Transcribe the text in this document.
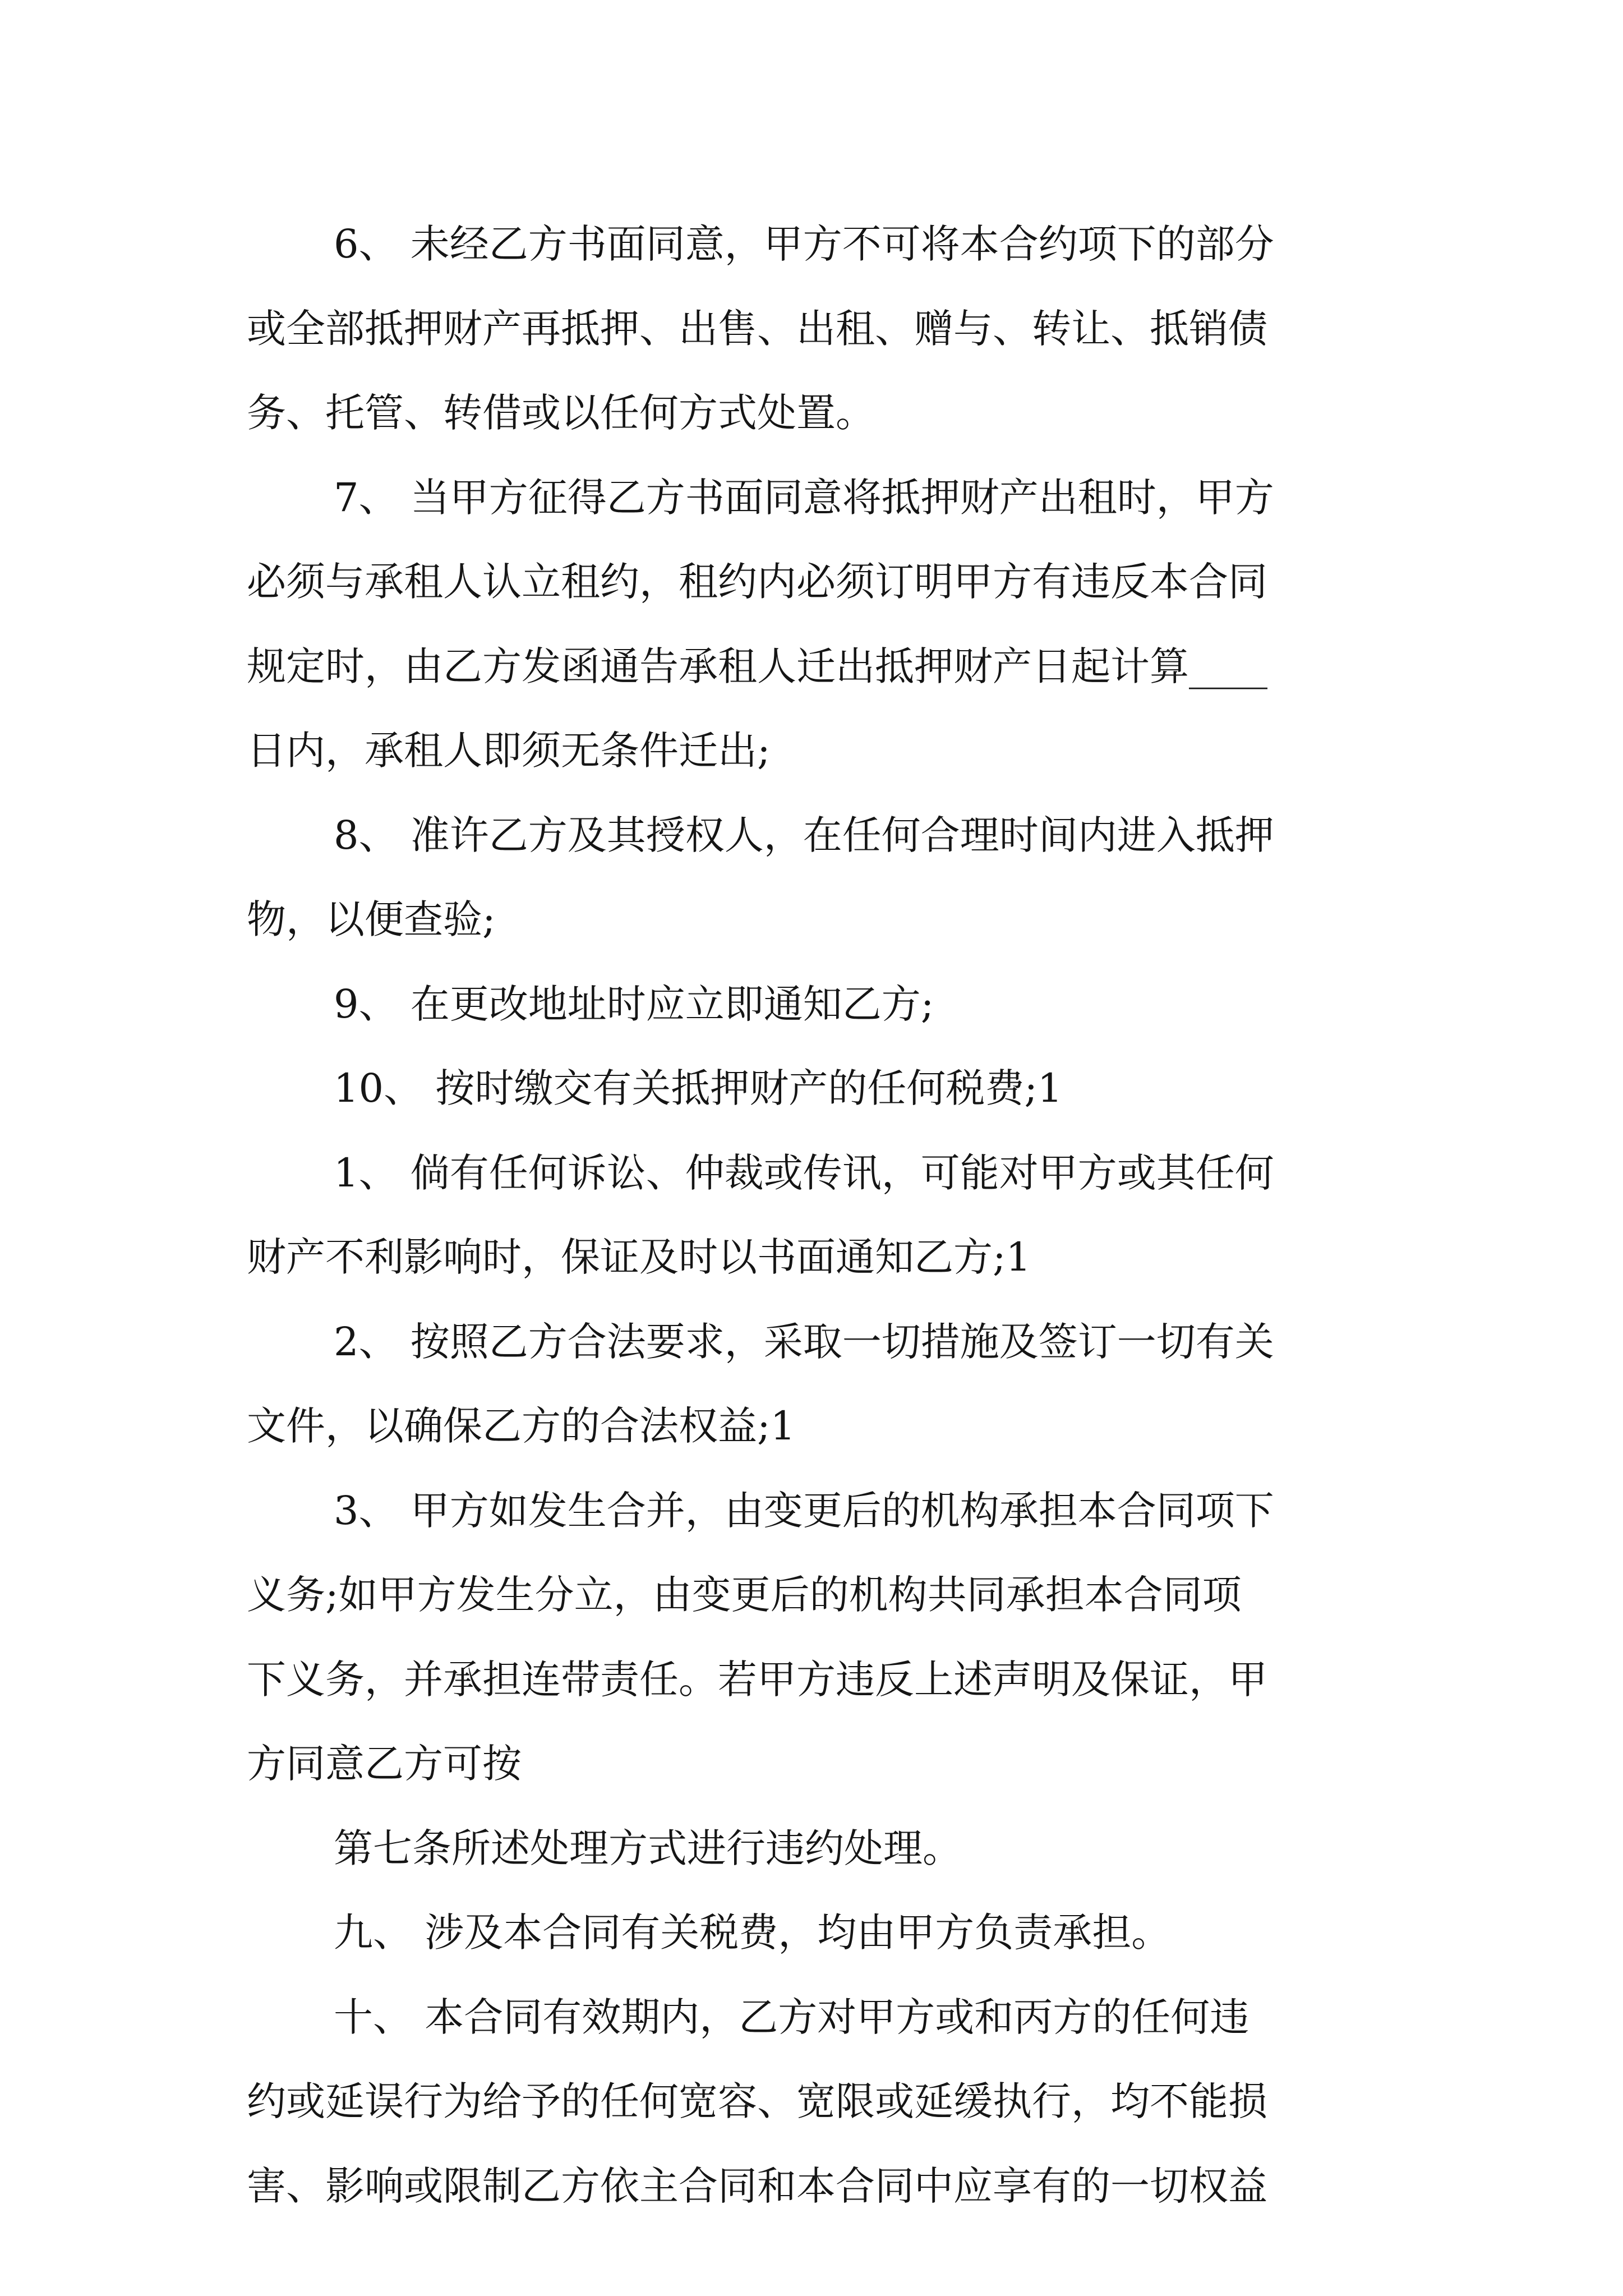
6、 未经乙方书面同意，甲方不可将本合约项下的部分
或全部抵押财产再抵押、出售、出租、赠与、转让、抵销债
务、托管、转借或以任何方式处置。
7、 当甲方征得乙方书面同意将抵押财产出租时，甲方
必须与承租人认立租约，租约内必须订明甲方有违反本合同
规定时，由乙方发函通告承租人迁出抵押财产日起计算____
日内，承租人即须无条件迁出;
8、 准许乙方及其授权人，在任何合理时间内进入抵押
物，以便查验;
9、 在更改地址时应立即通知乙方;
10、 按时缴交有关抵押财产的任何税费;1
1、 倘有任何诉讼、仲裁或传讯，可能对甲方或其任何
财产不利影响时，保证及时以书面通知乙方;1
2、 按照乙方合法要求，采取一切措施及签订一切有关
文件，以确保乙方的合法权益;1
3、 甲方如发生合并，由变更后的机构承担本合同项下
义务;如甲方发生分立，由变更后的机构共同承担本合同项
下义务，并承担连带责任。若甲方违反上述声明及保证，甲
方同意乙方可按
第七条所述处理方式进行违约处理。
九、 涉及本合同有关税费，均由甲方负责承担。
十、 本合同有效期内，乙方对甲方或和丙方的任何违
约或延误行为给予的任何宽容、宽限或延缓执行，均不能损
害、影响或限制乙方依主合同和本合同中应享有的一切权益
